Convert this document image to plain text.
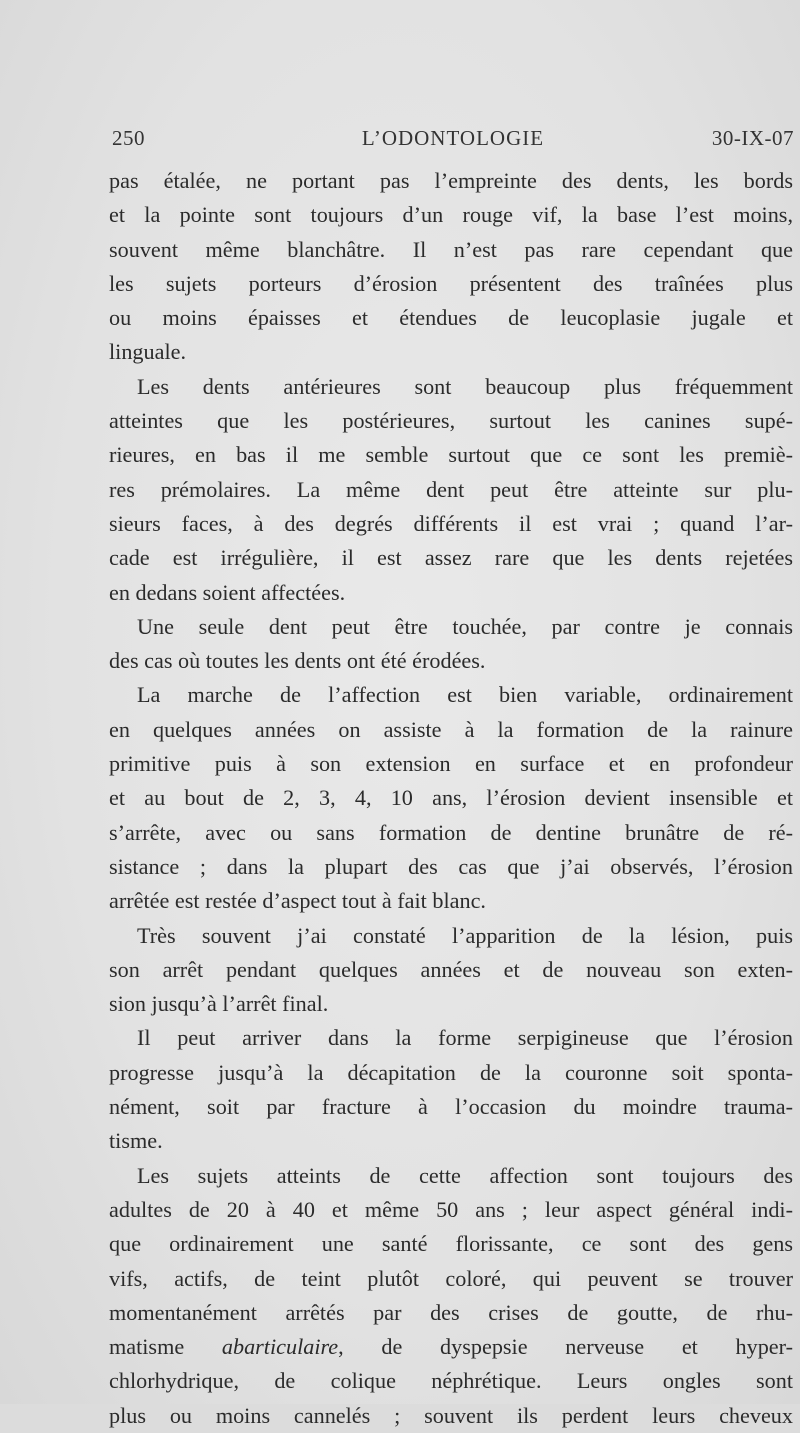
250	L’ODONTOLOGIE	30-IX-07
pas étalée, ne portant pas l’empreinte des dents, les bords
et la pointe sont toujours d’un rouge vif, la base l’est moins,
souvent même blanchâtre. Il n’est pas rare cependant que
les sujets porteurs d’érosion présentent des traînées plus
ou moins épaisses et étendues de leucoplasie jugale et
linguale.
Les dents antérieures sont beaucoup plus fréquemment
atteintes que les postérieures, surtout les canines supé-
rieures, en bas il me semble surtout que ce sont les premiè-
res prémolaires. La même dent peut être atteinte sur plu-
sieurs faces, à des degrés différents il est vrai ; quand l’ar-
cade est irrégulière, il est assez rare que les dents rejetées
en dedans soient affectées.
Une seule dent peut être touchée, par contre je connais
des cas où toutes les dents ont été érodées.
La marche de l’affection est bien variable, ordinairement
en quelques années on assiste à la formation de la rainure
primitive puis à son extension en surface et en profondeur
et au bout de 2, 3, 4, 10 ans, l’érosion devient insensible et
s’arrête, avec ou sans formation de dentine brunâtre de ré-
sistance ; dans la plupart des cas que j’ai observés, l’érosion
arrêtée est restée d’aspect tout à fait blanc.
Très souvent j’ai constaté l’apparition de la lésion, puis
son arrêt pendant quelques années et de nouveau son exten-
sion jusqu’à l’arrêt final.
Il peut arriver dans la forme serpigineuse que l’érosion
progresse jusqu’à la décapitation de la couronne soit sponta-
nément, soit par fracture à l’occasion du moindre trauma-
tisme.
Les sujets atteints de cette affection sont toujours des
adultes de 20 à 40 et même 50 ans ; leur aspect général indi-
que ordinairement une santé florissante, ce sont des gens
vifs, actifs, de teint plutôt coloré, qui peuvent se trouver
momentanément arrêtés par des crises de goutte, de rhu-
matisme abarticulaire, de dyspepsie nerveuse et hyper-
chlorhydrique, de colique néphrétique. Leurs ongles sont
plus ou moins cannelés ; souvent ils perdent leurs cheveux
